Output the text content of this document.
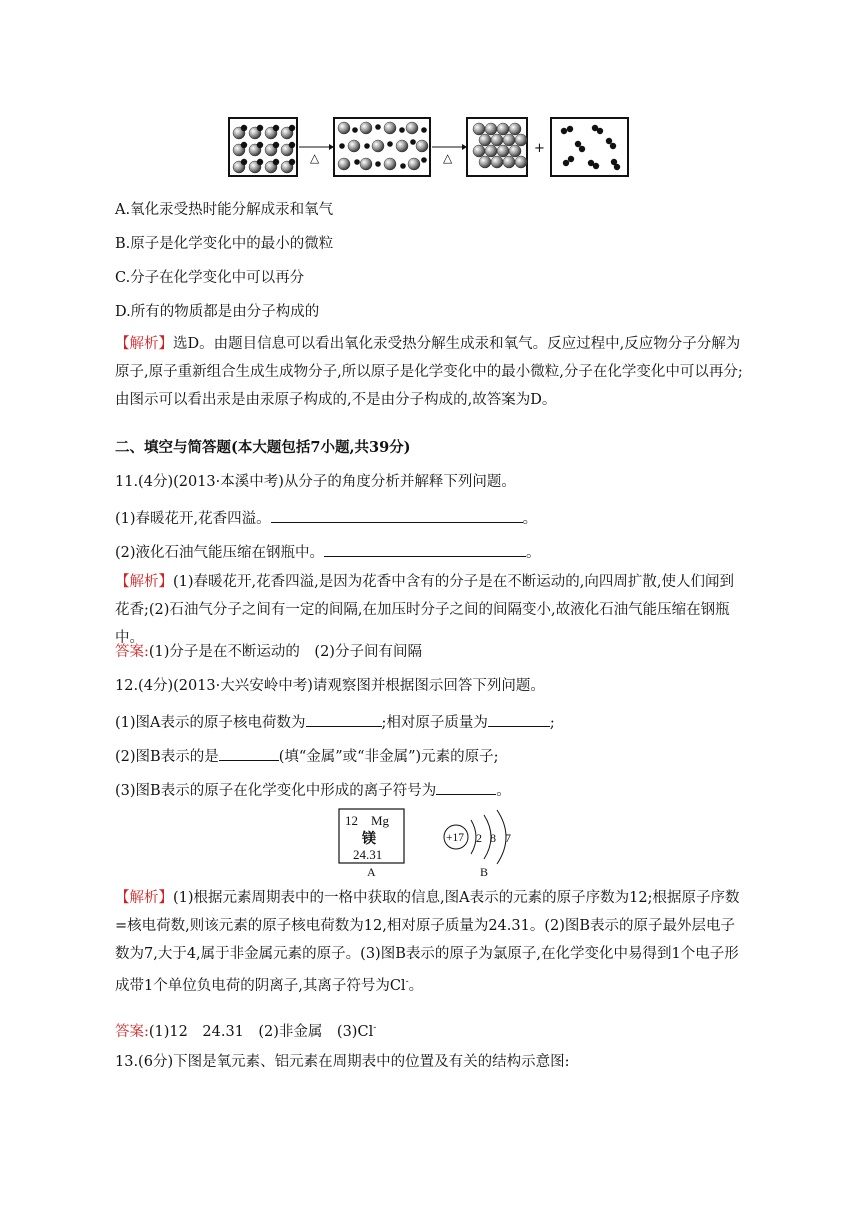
△	△
+
A.氧化汞受热时能分解成汞和氧气
B.原子是化学变化中的最小的微粒
C.分子在化学变化中可以再分
D.所有的物质都是由分子构成的
【解析】选D。由题目信息可以看出氧化汞受热分解生成汞和氧气。反应过程中,反应物分子分解为原子,原子重新组合生成生成物分子,所以原子是化学变化中的最小微粒,分子在化学变化中可以再分;由图示可以看出汞是由汞原子构成的,不是由分子构成的,故答案为D。
二、填空与简答题(本大题包括7小题,共39分)
11.(4分)(2013·本溪中考)从分子的角度分析并解释下列问题。
(1)春暖花开,花香四溢。	。
(2)液化石油气能压缩在钢瓶中。	。
【解析】(1)春暖花开,花香四溢,是因为花香中含有的分子是在不断运动的,向四周扩散,使人们闻到花香;(2)石油气分子之间有一定的间隔,在加压时分子之间的间隔变小,故液化石油气能压缩在钢瓶中。
答案:(1)分子是在不断运动的 (2)分子间有间隔
12.(4分)(2013·大兴安岭中考)请观察图并根据图示回答下列问题。
(1)图A表示的原子核电荷数为	;相对原子质量为	;
(2)图B表示的是	(填“金属”或“非金属”)元素的原子;
(3)图B表示的原子在化学变化中形成的离子符号为	。
12 Mg
镁
24.31
A
+17 2 8 7
B
【解析】(1)根据元素周期表中的一格中获取的信息,图A表示的元素的原子序数为12;根据原子序数=核电荷数,则该元素的原子核电荷数为12,相对原子质量为24.31。(2)图B表示的原子最外层电子数为7,大于4,属于非金属元素的原子。(3)图B表示的原子为氯原子,在化学变化中易得到1个电子形成带1个单位负电荷的阴离子,其离子符号为Cl-。
答案:(1)12 24.31 (2)非金属 (3)Cl-
13.(6分)下图是氧元素、铝元素在周期表中的位置及有关的结构示意图:
